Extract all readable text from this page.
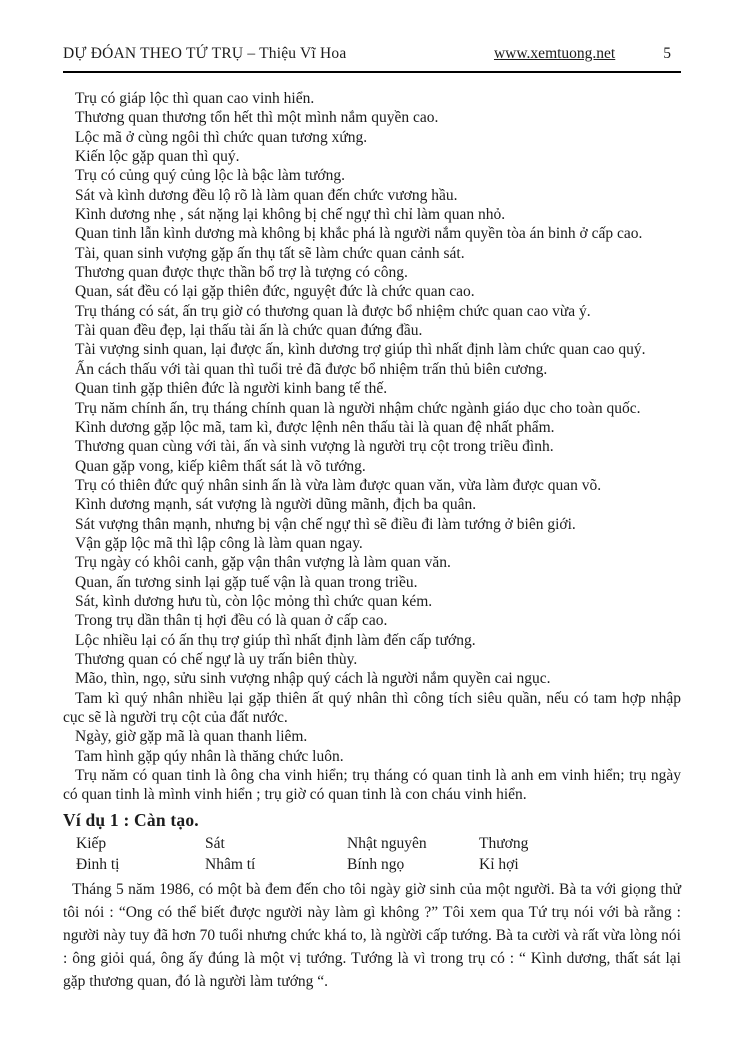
DỰ ĐÓAN THEO TỨ TRỤ – Thiệu Vĩ Hoa	www.xemtuong.net	5

Trụ có giáp lộc thì quan cao vinh hiển.

Thương quan thương tổn hết thì một mình nắm quyền cao.

Lộc mã ở cùng ngôi thì chức quan tương xứng.

Kiến lộc gặp quan thì quý.

Trụ có củng quý củng lộc là bậc làm tướng.

Sát và kình dương đều lộ rõ là làm quan đến chức vương hầu.

Kình dương nhẹ , sát nặng lại không bị chế ngự thì chỉ làm quan nhỏ.

Quan tinh lẫn kình dương mà không bị khắc phá là người nắm quyền tòa án binh ở cấp cao.

Tài, quan sinh vượng gặp ấn thụ tất sẽ làm chức quan cảnh sát.

Thương quan được thực thần bổ trợ là tượng có công.

Quan, sát đều có lại gặp thiên đức, nguyệt đức là chức quan cao.

Trụ tháng có sát, ấn trụ giờ có thương quan là được bổ nhiệm chức quan cao vừa ý.

Tài quan đều đẹp, lại thấu tài ấn là chức quan đứng đầu.

Tài vượng sinh quan, lại được ấn, kình dương trợ giúp thì nhất định làm chức quan cao quý.

Ấn cách thấu với tài quan thì tuổi trẻ đã được bổ nhiệm trấn thủ biên cương.

Quan tinh gặp thiên đức là người kinh bang tế thế.

Trụ năm chính ấn, trụ tháng chính quan là người nhậm chức ngành giáo dục cho toàn quốc.

Kình dương gặp lộc mã, tam kì, được lệnh nên thấu tài là quan đệ nhất phẩm.

Thương quan cùng với tài, ấn và sinh vượng là người trụ cột trong triều đình.

Quan gặp vong, kiếp kiêm thất sát là võ tướng.

Trụ có thiên đức quý nhân sinh ấn là vừa làm được quan văn, vừa làm được quan võ.

Kình dương mạnh, sát vượng là người dũng mãnh, địch ba quân.

Sát vượng thân mạnh, nhưng bị vận chế ngự thì sẽ điều đi làm tướng ở biên giới.

Vận gặp lộc mã thì lập công là làm quan ngay.

Trụ ngày có khôi canh, gặp vận thân vượng là làm quan văn.

Quan, ấn tương sinh lại gặp tuế vận là quan trong triều.

Sát, kình dương hưu tù, còn lộc mỏng thì chức quan kém.

Trong trụ dần thân tị hợi đều có là quan ở cấp cao.

Lộc nhiều lại có ấn thụ trợ giúp thì nhất định làm đến cấp tướng.

Thương quan có chế ngự là uy trấn biên thùy.

Mão, thìn, ngọ, sửu sinh vượng nhập quý cách là người nắm quyền cai ngục.

Tam kì quý nhân nhiều lại gặp thiên ất quý nhân thì công tích siêu quần, nếu có tam hợp nhập cục sẽ là người trụ cột của đất nước.

Ngày, giờ gặp mã là quan thanh liêm.

Tam hình gặp qúy nhân là thăng chức luôn.

Trụ năm có quan tinh là ông cha vinh hiển; trụ tháng có quan tinh là anh em vinh hiển; trụ ngày có quan tinh là mình vinh hiển ; trụ giờ có quan tinh là con cháu vinh hiển.

Ví dụ 1 : Càn tạo.
Kiếp	Sát	Nhật nguyên	Thương
Đinh tị	Nhâm tí	Bính ngọ	Kỉ hợi

Tháng 5 năm 1986, có một bà đem đến cho tôi ngày giờ sinh của một người. Bà ta với giọng thử tôi nói : “Ong có thể biết được người này làm gì không ?” Tôi xem qua Tứ trụ nói với bà rằng : người này tuy đã hơn 70 tuổi nhưng chức khá to, là ngừời cấp tướng. Bà ta cười và rất vừa lòng nói : ông giỏi quá, ông ấy đúng là một vị tướng. Tướng là vì trong trụ có : “ Kình dương, thất sát lại gặp thương quan, đó là người làm tướng “.
